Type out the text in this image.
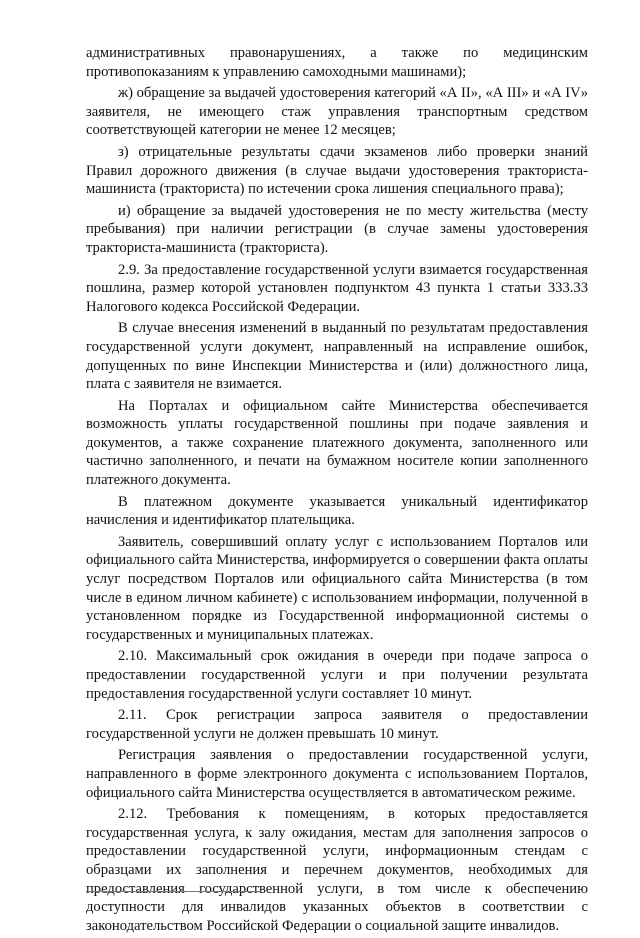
административных правонарушениях, а также по медицинским противопоказаниям к управлению самоходными машинами);

ж) обращение за выдачей удостоверения категорий «А II», «А III» и «А IV» заявителя, не имеющего стаж управления транспортным средством соответствующей категории не менее 12 месяцев;

з) отрицательные результаты сдачи экзаменов либо проверки знаний Правил дорожного движения (в случае выдачи удостоверения тракториста-машиниста (тракториста) по истечении срока лишения специального права);

и) обращение за выдачей удостоверения не по месту жительства (месту пребывания) при наличии регистрации (в случае замены удостоверения тракториста-машиниста (тракториста).

2.9. За предоставление государственной услуги взимается государственная пошлина, размер которой установлен подпунктом 43 пункта 1 статьи 333.33 Налогового кодекса Российской Федерации.

В случае внесения изменений в выданный по результатам предоставления государственной услуги документ, направленный на исправление ошибок, допущенных по вине Инспекции Министерства и (или) должностного лица, плата с заявителя не взимается.

На Порталах и официальном сайте Министерства обеспечивается возможность уплаты государственной пошлины при подаче заявления и документов, а также сохранение платежного документа, заполненного или частично заполненного, и печати на бумажном носителе копии заполненного платежного документа.

В платежном документе указывается уникальный идентификатор начисления и идентификатор плательщика.

Заявитель, совершивший оплату услуг с использованием Порталов или официального сайта Министерства, информируется о совершении факта оплаты услуг посредством Порталов или официального сайта Министерства (в том числе в едином личном кабинете) с использованием информации, полученной в установленном порядке из Государственной информационной системы о государственных и муниципальных платежах.

2.10. Максимальный срок ожидания в очереди при подаче запроса о предоставлении государственной услуги и при получении результата предоставления государственной услуги составляет 10 минут.

2.11. Срок регистрации запроса заявителя о предоставлении государственной услуги не должен превышать 10 минут.

Регистрация заявления о предоставлении государственной услуги, направленного в форме электронного документа с использованием Порталов, официального сайта Министерства осуществляется в автоматическом режиме.

2.12. Требования к помещениям, в которых предоставляется государственная услуга, к залу ожидания, местам для заполнения запросов о предоставлении государственной услуги, информационным стендам с образцами их заполнения и перечнем документов, необходимых для предоставления государственной услуги, в том числе к обеспечению доступности для инвалидов указанных объектов в соответствии с законодательством Российской Федерации о социальной защите инвалидов.
